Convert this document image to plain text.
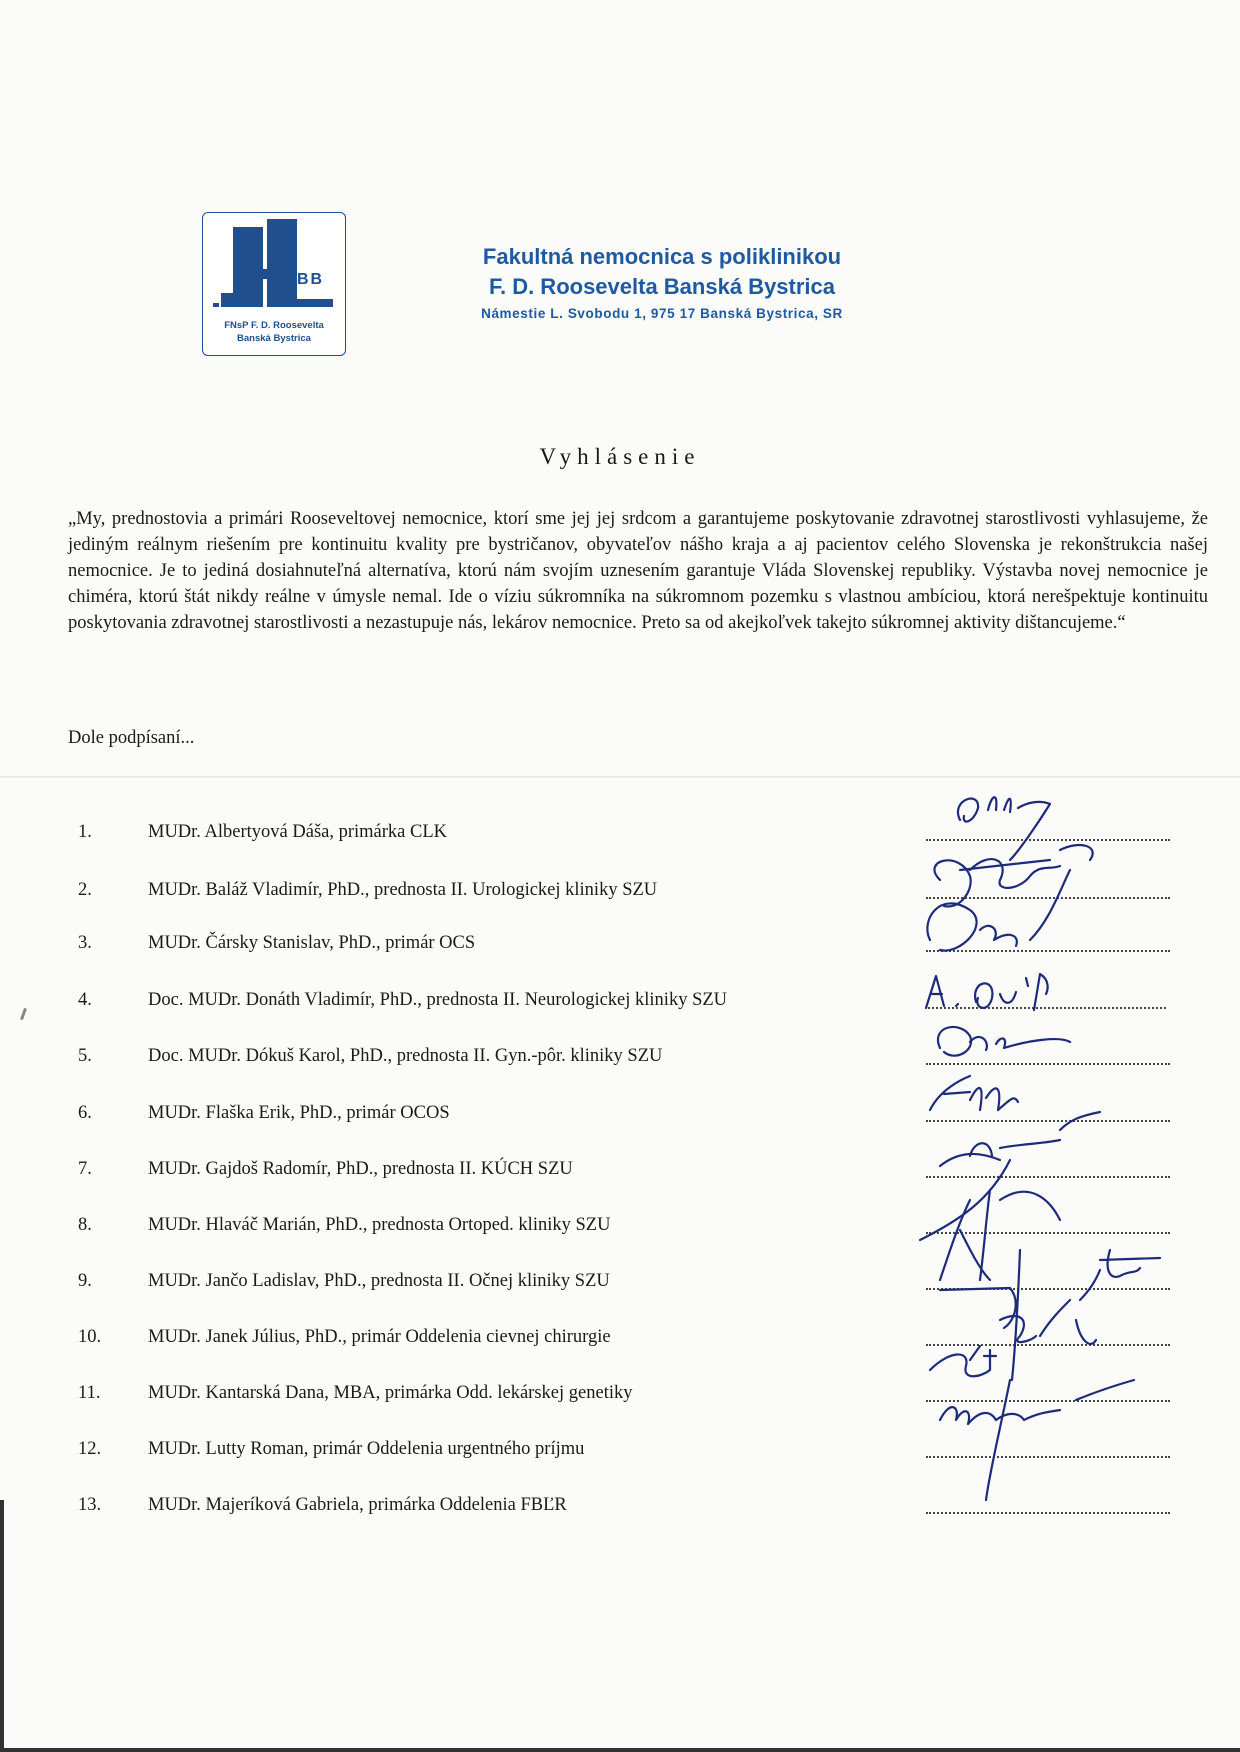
BB
FNsP F. D. Roosevelta
Banská Bystrica
Fakultná nemocnica s poliklinikou
F. D. Roosevelta Banská Bystrica
Námestie L. Svobodu 1, 975 17 Banská Bystrica, SR
Vyhlásenie
„My, prednostovia a primári Rooseveltovej nemocnice, ktorí sme jej jej srdcom a garantujeme poskytovanie zdravotnej starostlivosti vyhlasujeme, že jediným reálnym riešením pre kontinuitu kvality pre bystričanov, obyvateľov nášho kraja a aj pacientov celého Slovenska je rekonštrukcia našej nemocnice. Je to jediná dosiahnuteľná alternatíva, ktorú nám svojím uznesením garantuje Vláda Slovenskej republiky. Výstavba novej nemocnice je chiméra, ktorú štát nikdy reálne v úmysle nemal. Ide o víziu súkromníka na súkromnom pozemku s vlastnou ambíciou, ktorá nerešpektuje kontinuitu poskytovania zdravotnej starostlivosti a nezastupuje nás, lekárov nemocnice. Preto sa od akejkoľvek takejto súkromnej aktivity dištancujeme.“
Dole podpísaní...
1.	MUDr. Albertyová Dáša, primárka CLK
2.	MUDr. Baláž Vladimír, PhD., prednosta II. Urologickej kliniky SZU
3.	MUDr. Čársky Stanislav, PhD., primár OCS
4.	Doc. MUDr. Donáth Vladimír, PhD., prednosta II. Neurologickej kliniky SZU
5.	Doc. MUDr. Dókuš Karol, PhD., prednosta II. Gyn.-pôr. kliniky SZU
6.	MUDr. Flaška Erik, PhD., primár OCOS
7.	MUDr. Gajdoš Radomír, PhD., prednosta II. KÚCH SZU
8.	MUDr. Hlaváč Marián, PhD., prednosta Ortoped. kliniky SZU
9.	MUDr. Jančo Ladislav, PhD., prednosta II. Očnej kliniky SZU
10.	MUDr. Janek Július, PhD., primár Oddelenia cievnej chirurgie
11.	MUDr. Kantarská Dana, MBA, primárka Odd. lekárskej genetiky
12.	MUDr. Lutty Roman, primár Oddelenia urgentného príjmu
13.	MUDr. Majeríková Gabriela, primárka Oddelenia FBĽR
